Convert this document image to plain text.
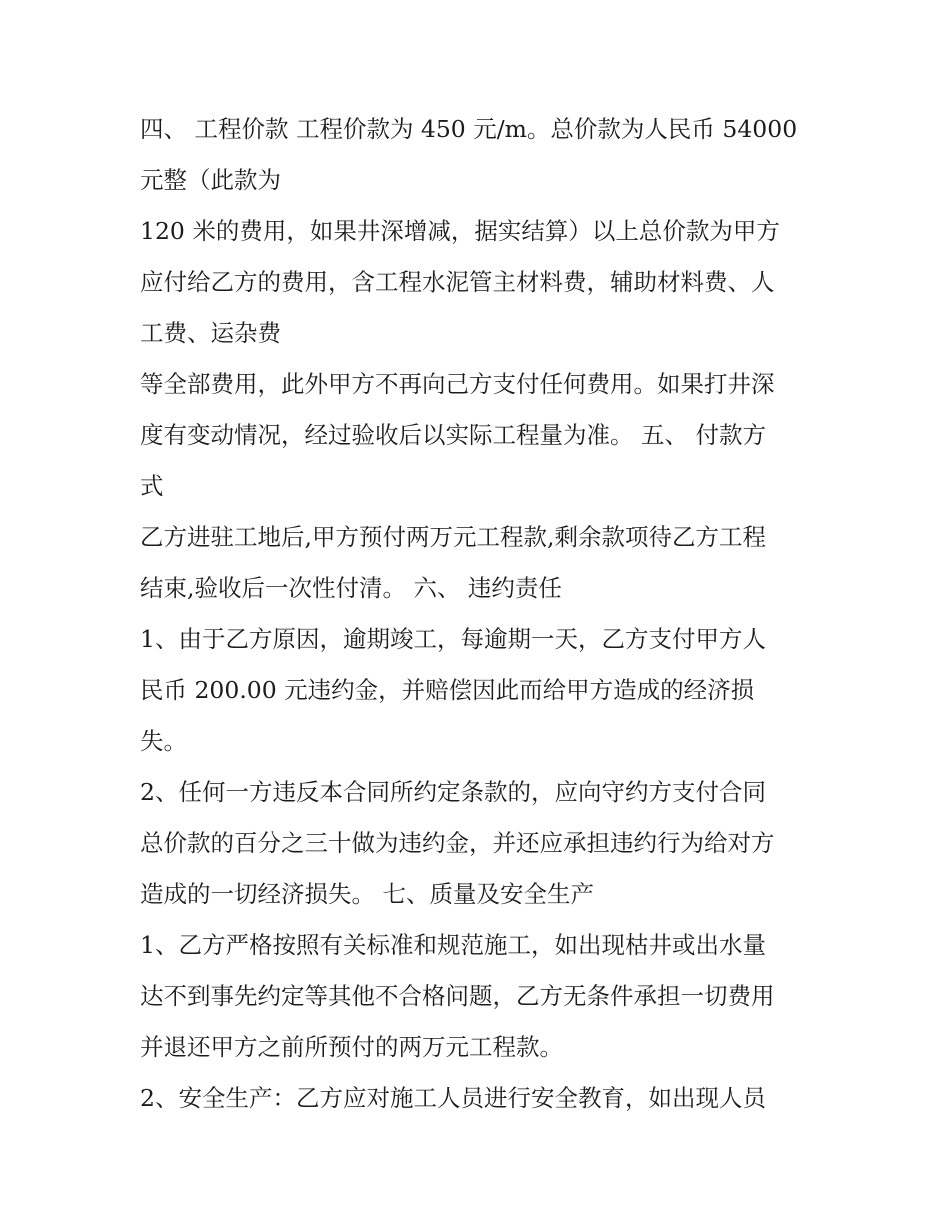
四、 工程价款 工程价款为 450 元/m。总价款为人民币 54000
元整（此款为
120 米的费用，如果井深增减，据实结算）以上总价款为甲方
应付给乙方的费用，含工程水泥管主材料费，辅助材料费、人
工费、运杂费
等全部费用，此外甲方不再向己方支付任何费用。如果打井深
度有变动情况，经过验收后以实际工程量为准。 五、 付款方
式
乙方进驻工地后,甲方预付两万元工程款,剩余款项待乙方工程
结束,验收后一次性付清。 六、 违约责任
1、由于乙方原因，逾期竣工，每逾期一天，乙方支付甲方人
民币 200.00 元违约金，并赔偿因此而给甲方造成的经济损
失。
2、任何一方违反本合同所约定条款的，应向守约方支付合同
总价款的百分之三十做为违约金，并还应承担违约行为给对方
造成的一切经济损失。 七、质量及安全生产
1、乙方严格按照有关标准和规范施工，如出现枯井或出水量
达不到事先约定等其他不合格问题，乙方无条件承担一切费用
并退还甲方之前所预付的两万元工程款。
2、安全生产：乙方应对施工人员进行安全教育，如出现人员
